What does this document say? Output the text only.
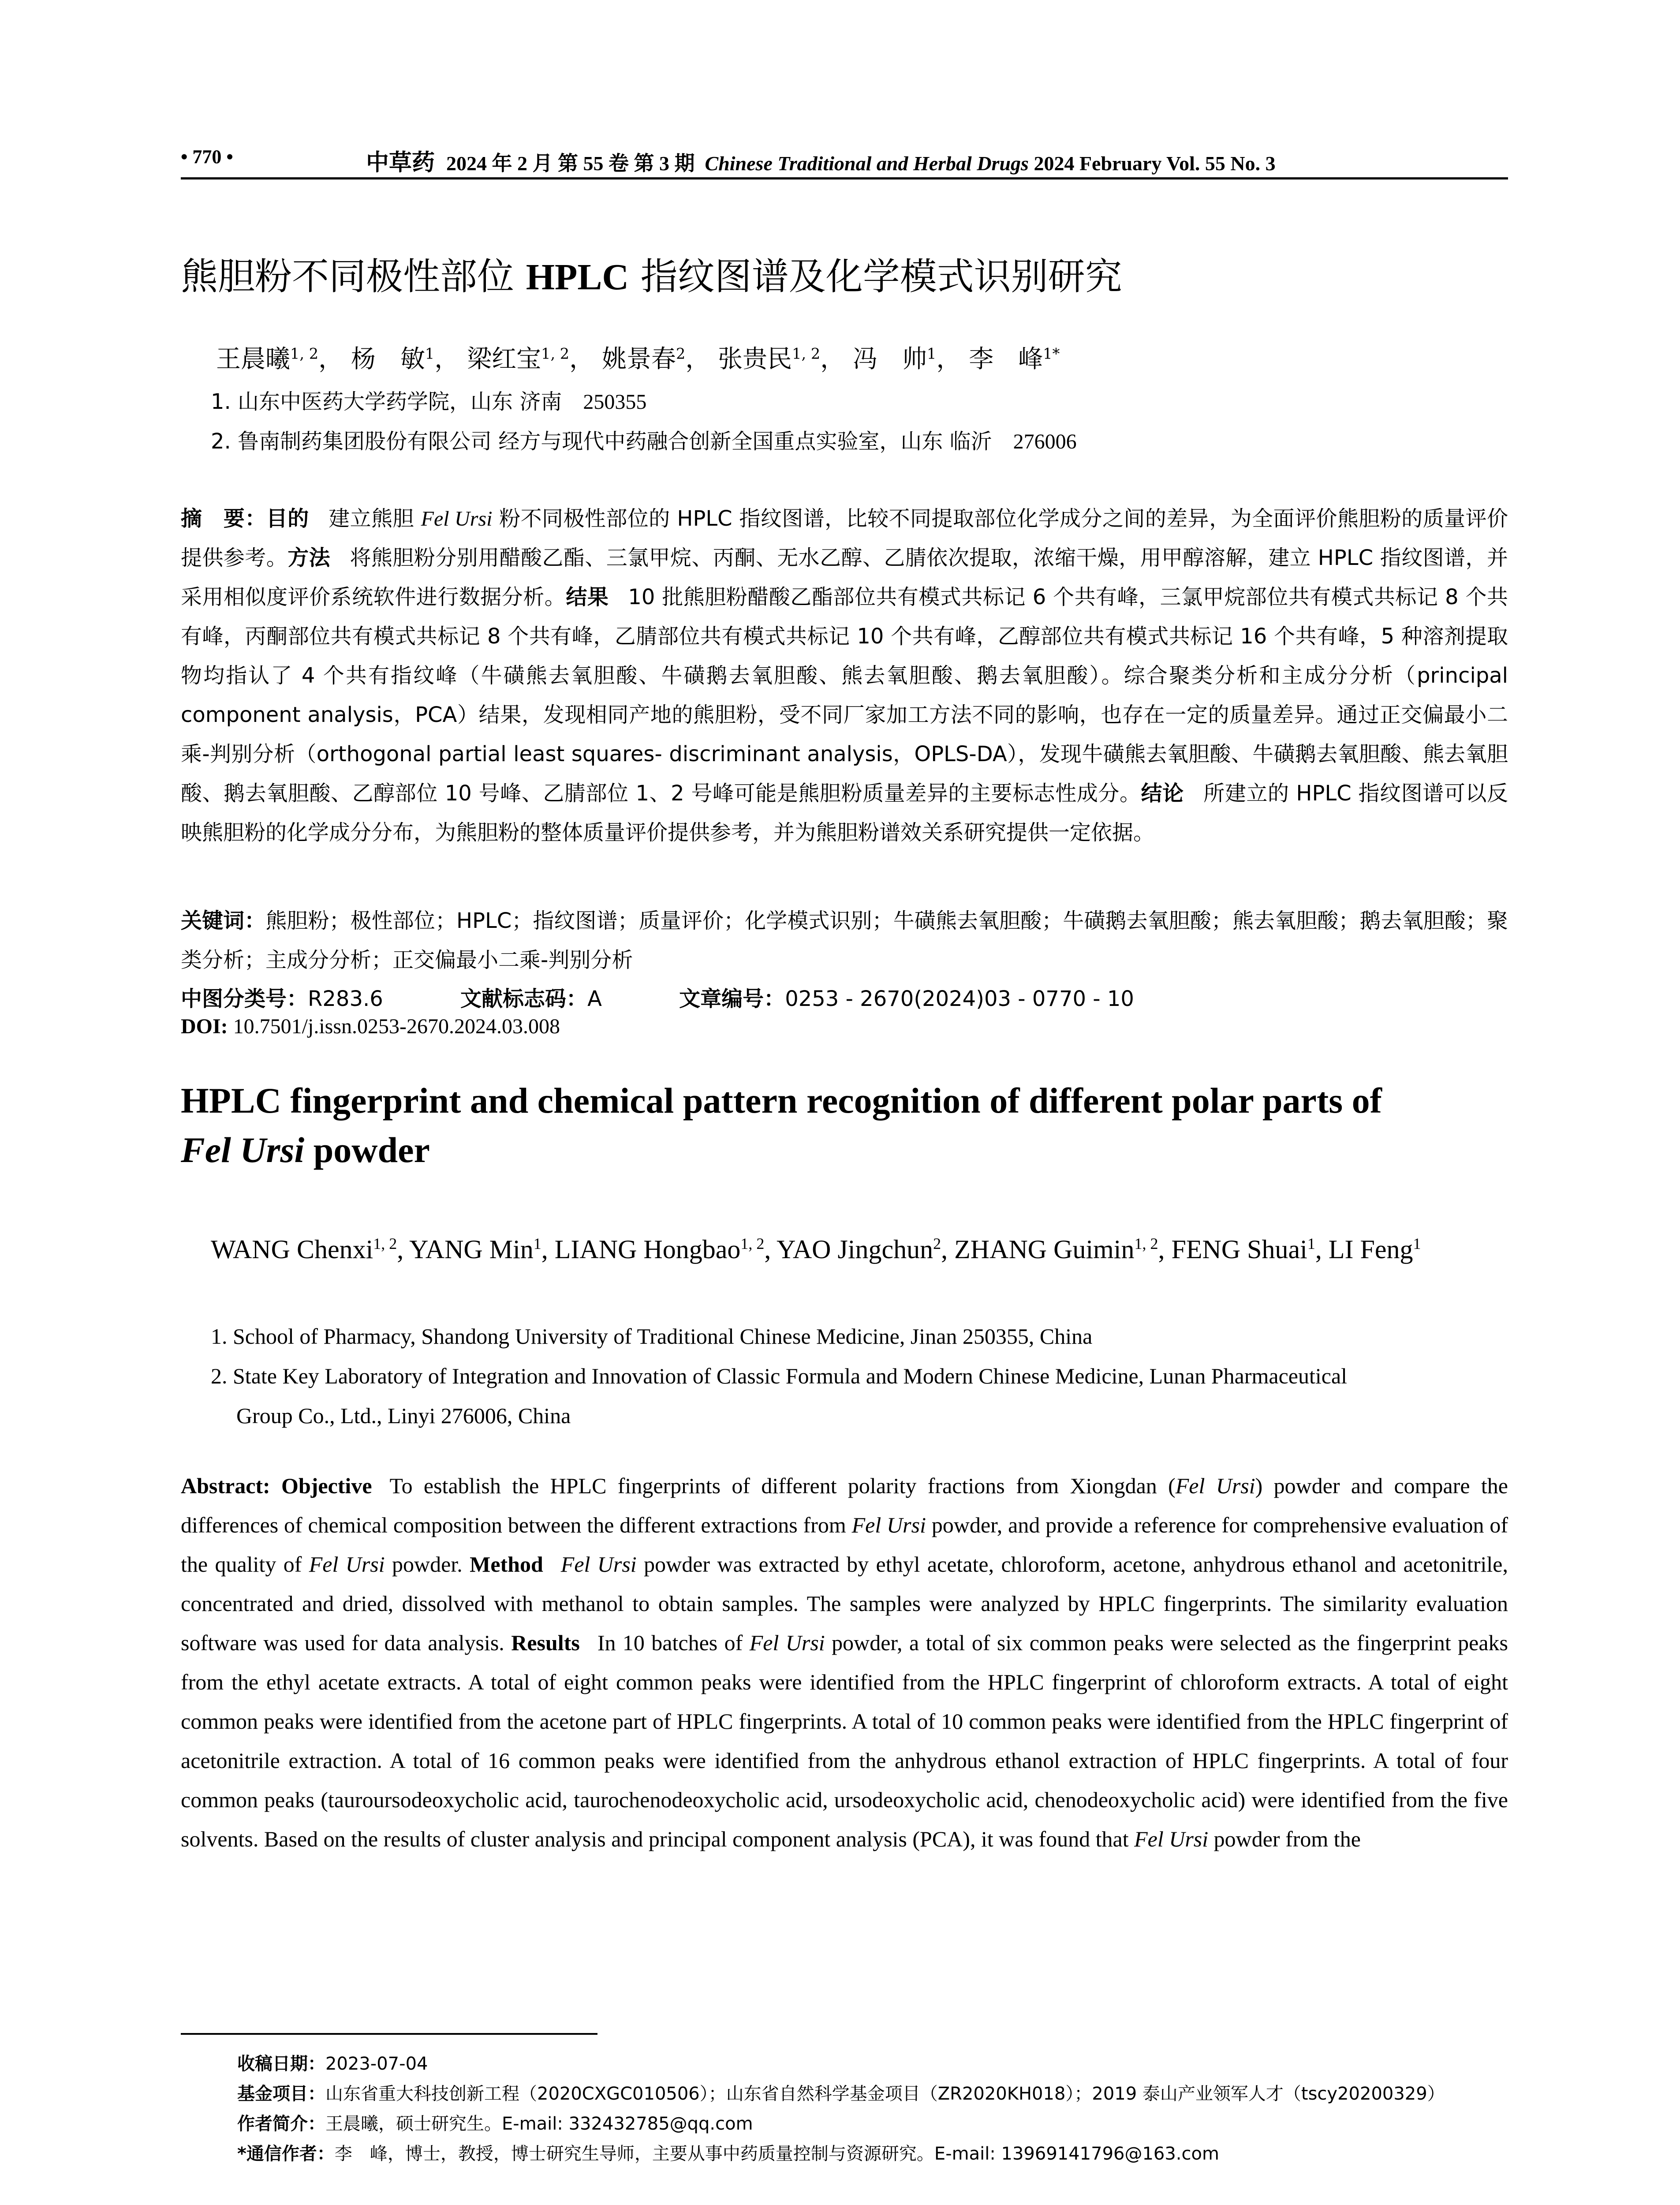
• 770 •	中草药 2024 年 2 月 第 55 卷 第 3 期 Chinese Traditional and Herbal Drugs 2024 February Vol. 55 No. 3
熊胆粉不同极性部位 HPLC 指纹图谱及化学模式识别研究
王晨曦$^{1, 2}$， 杨　敏$^1$， 梁红宝$^{1, 2}$， 姚景春$^2$， 张贵民$^{1, 2}$， 冯　帅$^1$， 李　峰$^{1*}$
1. 山东中医药大学药学院，山东 济南　250355
2. 鲁南制药集团股份有限公司 经方与现代中药融合创新全国重点实验室，山东 临沂　276006
摘　要：目的 建立熊胆 Fel Ursi 粉不同极性部位的 HPLC 指纹图谱，比较不同提取部位化学成分之间的差异，为全面评价熊胆粉的质量评价提供参考。方法 将熊胆粉分别用醋酸乙酯、三氯甲烷、丙酮、无水乙醇、乙腈依次提取，浓缩干燥，用甲醇溶解，建立 HPLC 指纹图谱，并采用相似度评价系统软件进行数据分析。结果 10 批熊胆粉醋酸乙酯部位共有模式共标记 6 个共有峰，三氯甲烷部位共有模式共标记 8 个共有峰，丙酮部位共有模式共标记 8 个共有峰，乙腈部位共有模式共标记 10 个共有峰，乙醇部位共有模式共标记 16 个共有峰，5 种溶剂提取物均指认了 4 个共有指纹峰（牛磺熊去氧胆酸、牛磺鹅去氧胆酸、熊去氧胆酸、鹅去氧胆酸）。综合聚类分析和主成分分析（principal component analysis，PCA）结果，发现相同产地的熊胆粉，受不同厂家加工方法不同的影响，也存在一定的质量差异。通过正交偏最小二乘-判别分析（orthogonal partial least squares- discriminant analysis，OPLS-DA），发现牛磺熊去氧胆酸、牛磺鹅去氧胆酸、熊去氧胆酸、鹅去氧胆酸、乙醇部位 10 号峰、乙腈部位 1、2 号峰可能是熊胆粉质量差异的主要标志性成分。结论 所建立的 HPLC 指纹图谱可以反映熊胆粉的化学成分分布，为熊胆粉的整体质量评价提供参考，并为熊胆粉谱效关系研究提供一定依据。
关键词：熊胆粉；极性部位；HPLC；指纹图谱；质量评价；化学模式识别；牛磺熊去氧胆酸；牛磺鹅去氧胆酸；熊去氧胆酸；鹅去氧胆酸；聚类分析；主成分分析；正交偏最小二乘-判别分析
中图分类号：R283.6	文献标志码：A	文章编号：0253 - 2670(2024)03 - 0770 - 10
DOI: 10.7501/j.issn.0253-2670.2024.03.008
HPLC fingerprint and chemical pattern recognition of different polar parts of
Fel Ursi powder
WANG Chenxi$^{1, 2}$, YANG Min$^1$, LIANG Hongbao$^{1, 2}$, YAO Jingchun$^2$, ZHANG Guimin$^{1, 2}$, FENG Shuai$^1$, LI Feng$^1$
1. School of Pharmacy, Shandong University of Traditional Chinese Medicine, Jinan 250355, China
2. State Key Laboratory of Integration and Innovation of Classic Formula and Modern Chinese Medicine, Lunan Pharmaceutical
Group Co., Ltd., Linyi 276006, China
Abstract: Objective To establish the HPLC fingerprints of different polarity fractions from Xiongdan (Fel Ursi) powder and compare the differences of chemical composition between the different extractions from Fel Ursi powder, and provide a reference for comprehensive evaluation of the quality of Fel Ursi powder. Method Fel Ursi powder was extracted by ethyl acetate, chloroform, acetone, anhydrous ethanol and acetonitrile, concentrated and dried, dissolved with methanol to obtain samples. The samples were analyzed by HPLC fingerprints. The similarity evaluation software was used for data analysis. Results In 10 batches of Fel Ursi powder, a total of six common peaks were selected as the fingerprint peaks from the ethyl acetate extracts. A total of eight common peaks were identified from the HPLC fingerprint of chloroform extracts. A total of eight common peaks were identified from the acetone part of HPLC fingerprints. A total of 10 common peaks were identified from the HPLC fingerprint of acetonitrile extraction. A total of 16 common peaks were identified from the anhydrous ethanol extraction of HPLC fingerprints. A total of four common peaks (tauroursodeoxycholic acid, taurochenodeoxycholic acid, ursodeoxycholic acid, chenodeoxycholic acid) were identified from the five solvents. Based on the results of cluster analysis and principal component analysis (PCA), it was found that Fel Ursi powder from the
收稿日期：2023-07-04
基金项目：山东省重大科技创新工程（2020CXGC010506）；山东省自然科学基金项目（ZR2020KH018）；2019 泰山产业领军人才（tscy20200329）
作者简介：王晨曦，硕士研究生。E-mail: 332432785@qq.com
*通信作者：李　峰，博士，教授，博士研究生导师，主要从事中药质量控制与资源研究。E-mail: 13969141796@163.com
